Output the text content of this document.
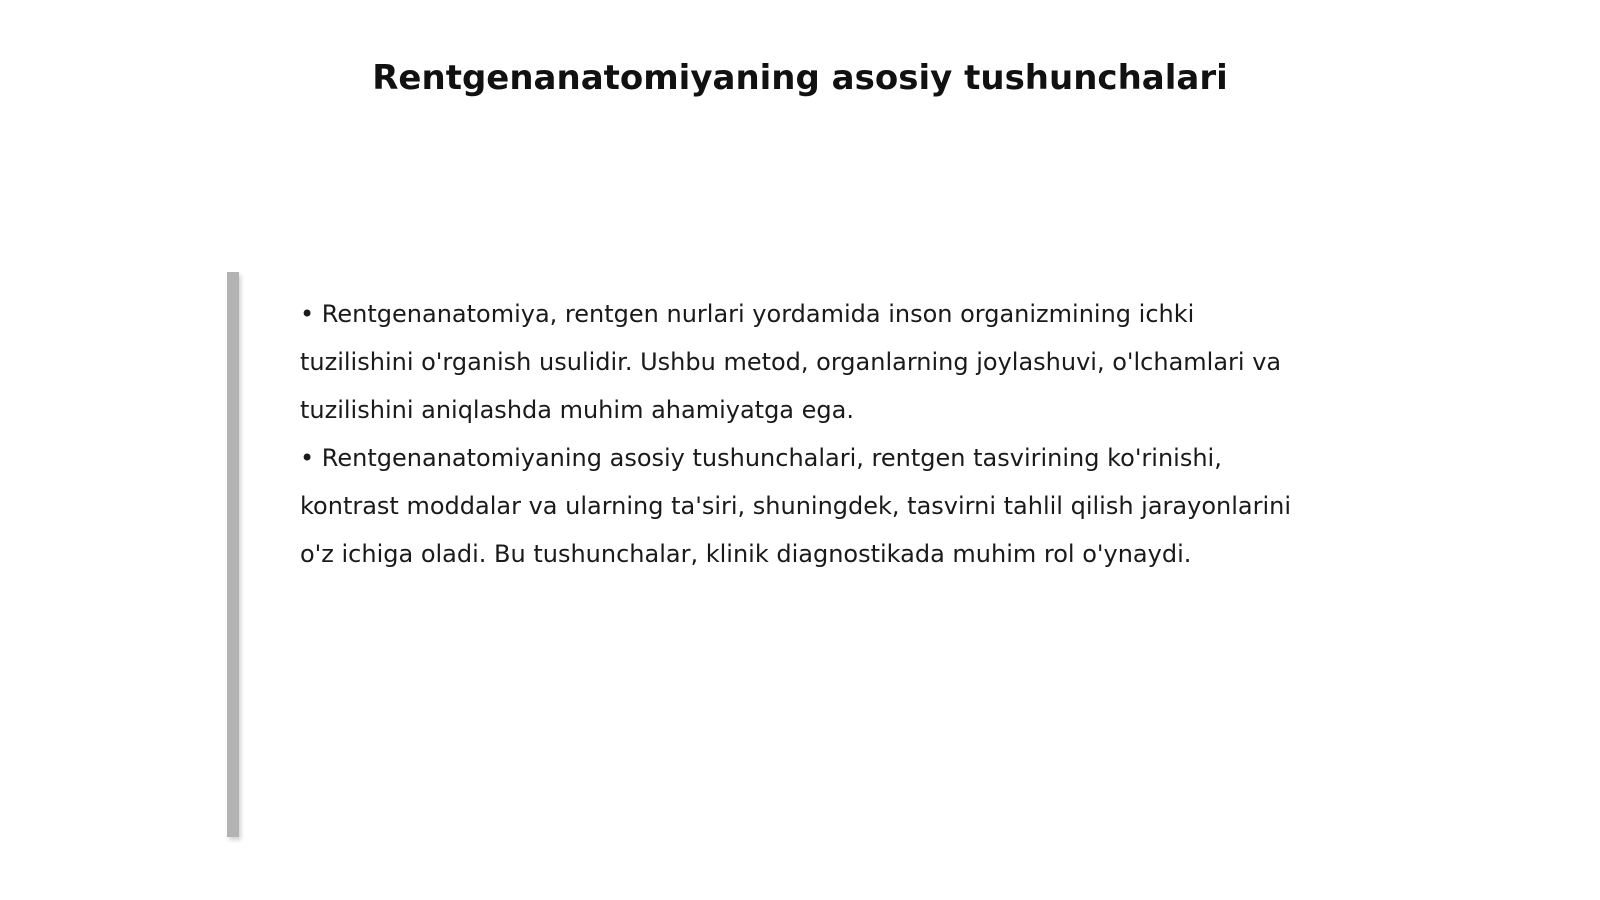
Rentgenanatomiyaning asosiy tushunchalari

• Rentgenanatomiya, rentgen nurlari yordamida inson organizmining ichki tuzilishini o'rganish usulidir. Ushbu metod, organlarning joylashuvi, o'lchamlari va tuzilishini aniqlashda muhim ahamiyatga ega.

• Rentgenanatomiyaning asosiy tushunchalari, rentgen tasvirining ko'rinishi, kontrast moddalar va ularning ta'siri, shuningdek, tasvirni tahlil qilish jarayonlarini o'z ichiga oladi. Bu tushunchalar, klinik diagnostikada muhim rol o'ynaydi.
